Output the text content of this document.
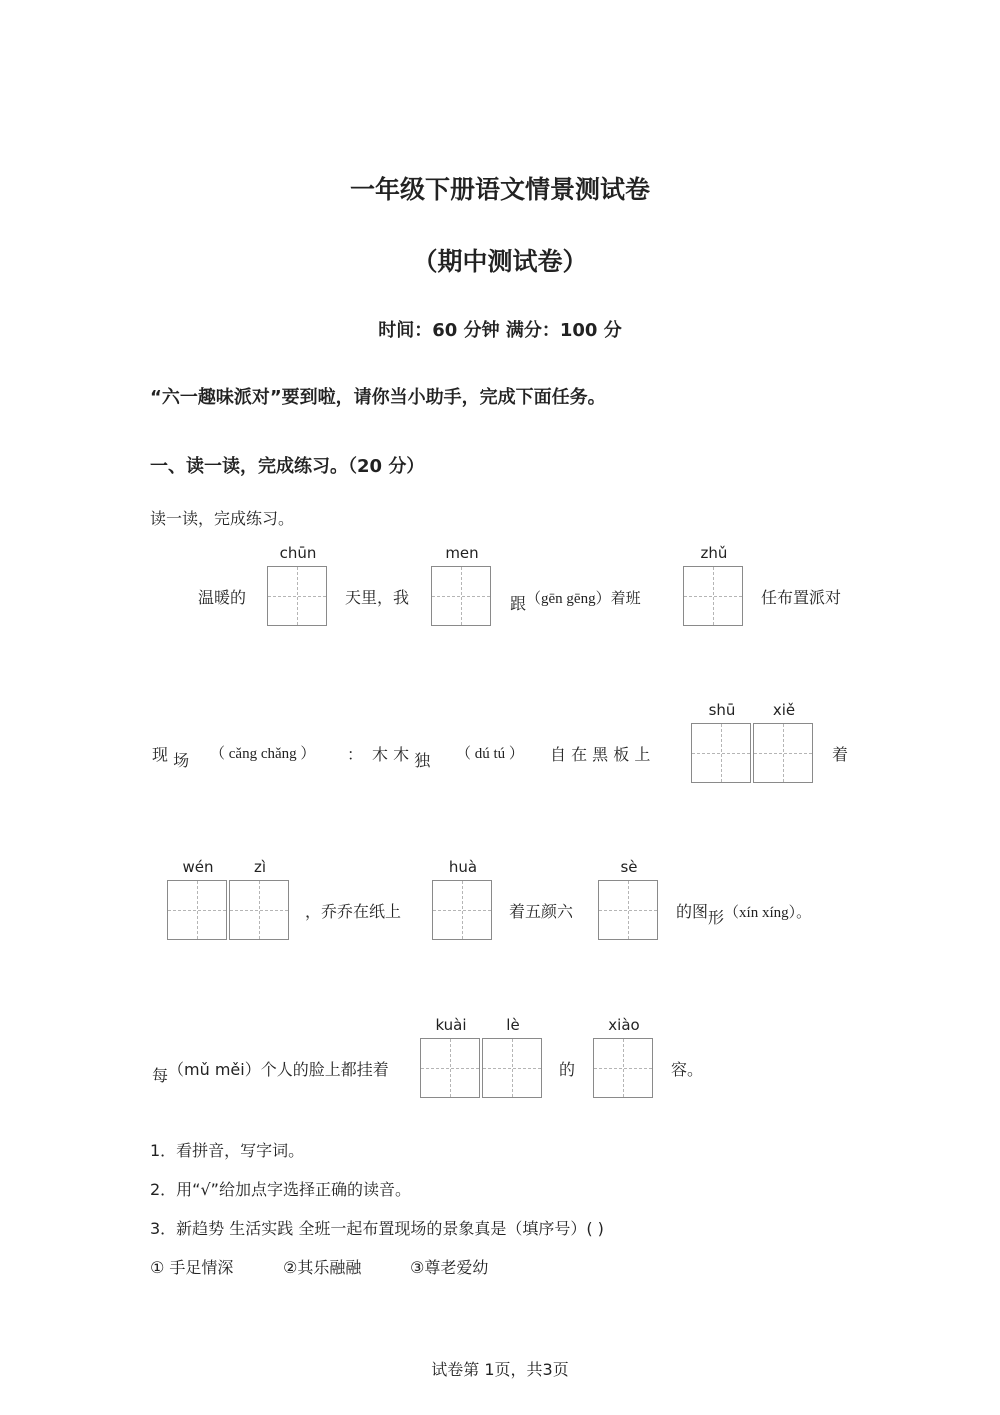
一年级下册语文情景测试卷
（期中测试卷）
时间：60 分钟 满分：100 分
“六一趣味派对”要到啦，请你当小助手，完成下面任务。
一、读一读，完成练习。（20 分）
读一读，完成练习。
温暖的
chūn
天里，我
men
跟（gēn gēng）着班
zhǔ
任布置派对
现 场 （ cǎng chǎng ） ： 木 木 独 （ dú tú ） 自 在 黑 板 上
shū	xiě
着
wén	zì
，乔乔在纸上
huà
着五颜六
sè
的图形（xín xíng）。
每（mǔ měi）个人的脸上都挂着
kuài	lè
的
xiào
容。
1．看拼音，写字词。
2．用“√”给加点字选择正确的读音。
3．新趋势 生活实践 全班一起布置现场的景象真是（填序号）( )
① 手足情深	②其乐融融	③尊老爱幼
试卷第 1页，共3页
